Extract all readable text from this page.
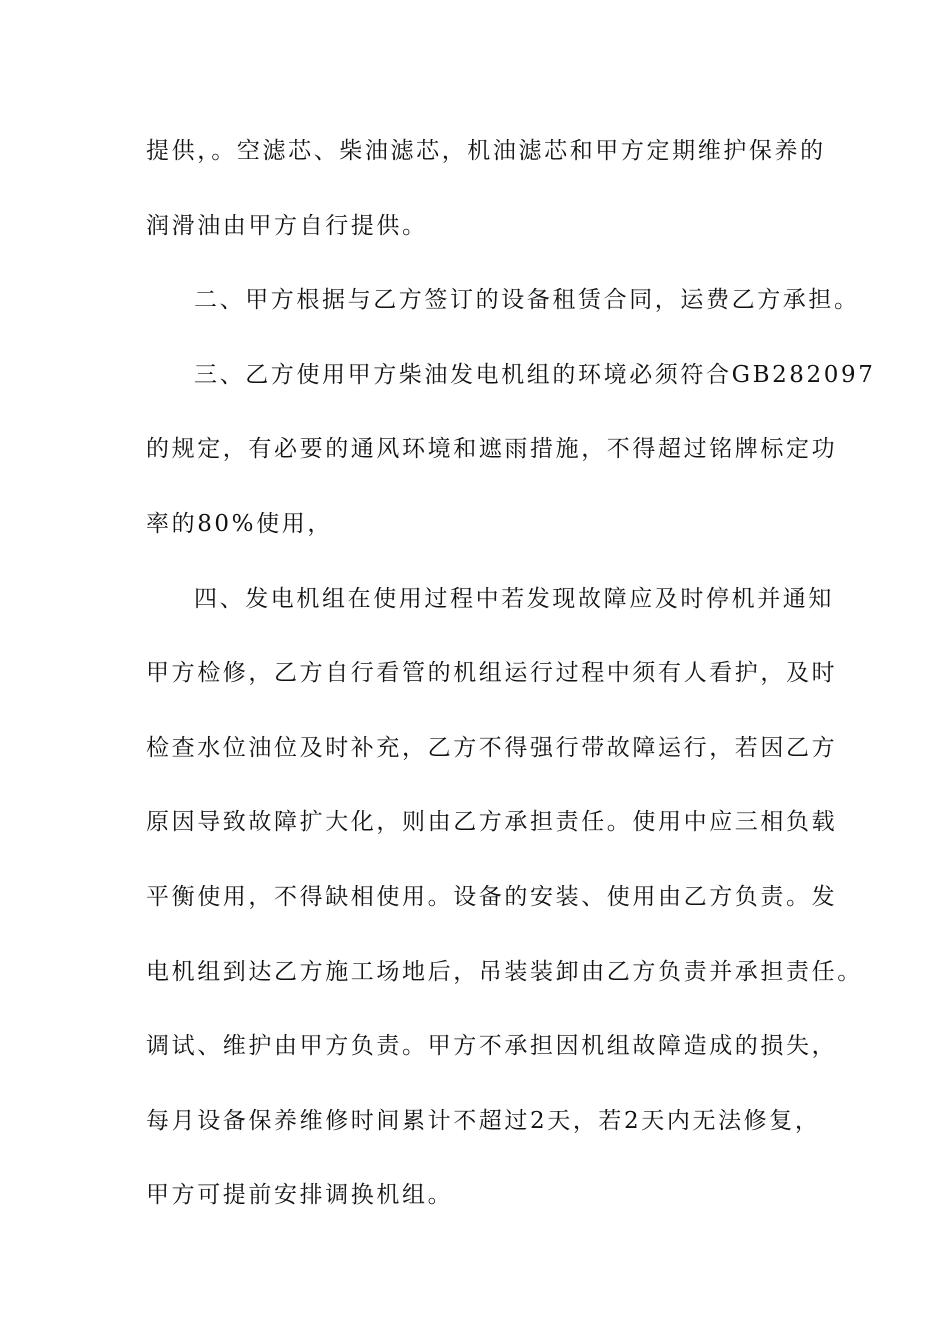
提供，。空滤芯、柴油滤芯，机油滤芯和甲方定期维护保养的
润滑油由甲方自行提供。
二、甲方根据与乙方签订的设备租赁合同，运费乙方承担。
三、乙方使用甲方柴油发电机组的环境必须符合GB282097
的规定，有必要的通风环境和遮雨措施，不得超过铭牌标定功
率的80%使用，
四、发电机组在使用过程中若发现故障应及时停机并通知
甲方检修，乙方自行看管的机组运行过程中须有人看护，及时
检查水位油位及时补充，乙方不得强行带故障运行，若因乙方
原因导致故障扩大化，则由乙方承担责任。使用中应三相负载
平衡使用，不得缺相使用。设备的安装、使用由乙方负责。发
电机组到达乙方施工场地后，吊装装卸由乙方负责并承担责任。
调试、维护由甲方负责。甲方不承担因机组故障造成的损失，
每月设备保养维修时间累计不超过2天，若2天内无法修复，
甲方可提前安排调换机组。
